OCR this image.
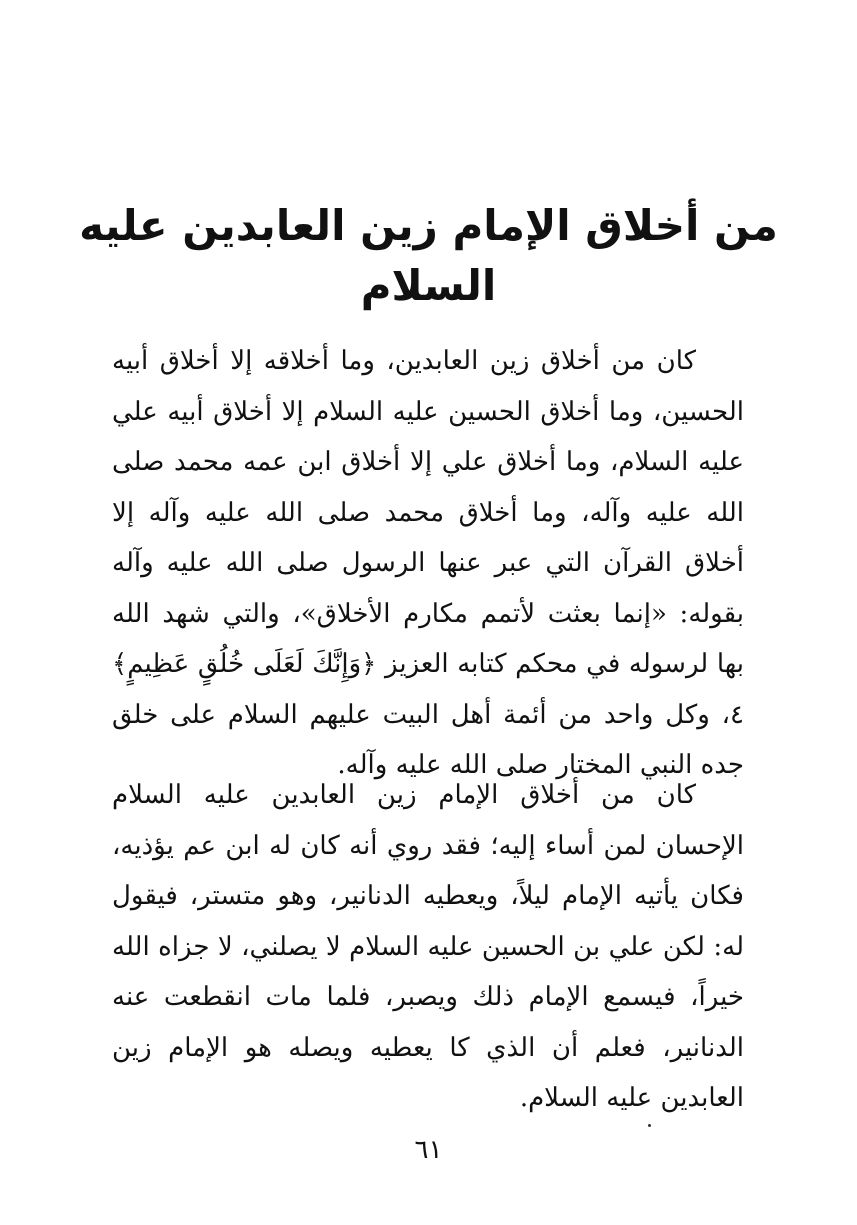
من أخلاق الإمام زين العابدين عليه السلام

كان من أخلاق زين العابدين، وما أخلاقه إلا أخلاق أبيه الحسين، وما أخلاق الحسين عليه السلام إلا أخلاق أبيه علي عليه السلام، وما أخلاق علي إلا أخلاق ابن عمه محمد صلى الله عليه وآله، وما أخلاق محمد صلى الله عليه وآله إلا أخلاق القرآن التي عبر عنها الرسول صلى الله عليه وآله بقوله: «إنما بعثت لأتمم مكارم الأخلاق»، والتي شهد الله بها لرسوله في محكم كتابه العزيز ﴿وَإِنَّكَ لَعَلَى خُلُقٍ عَظِيمٍ﴾ ٤، وكل واحد من أئمة أهل البيت عليهم السلام على خلق جده النبي المختار صلى الله عليه وآله.

كان من أخلاق الإمام زين العابدين عليه السلام الإحسان لمن أساء إليه؛ فقد روي أنه كان له ابن عم يؤذيه، فكان يأتيه الإمام ليلاً، ويعطيه الدنانير، وهو متستر، فيقول له: لكن علي بن الحسين عليه السلام لا يصلني، لا جزاه الله خيراً، فيسمع الإمام ذلك ويصبر، فلما مات انقطعت عنه الدنانير، فعلم أن الذي كا يعطيه ويصله هو الإمام زين العابدين عليه السلام.

٦١
